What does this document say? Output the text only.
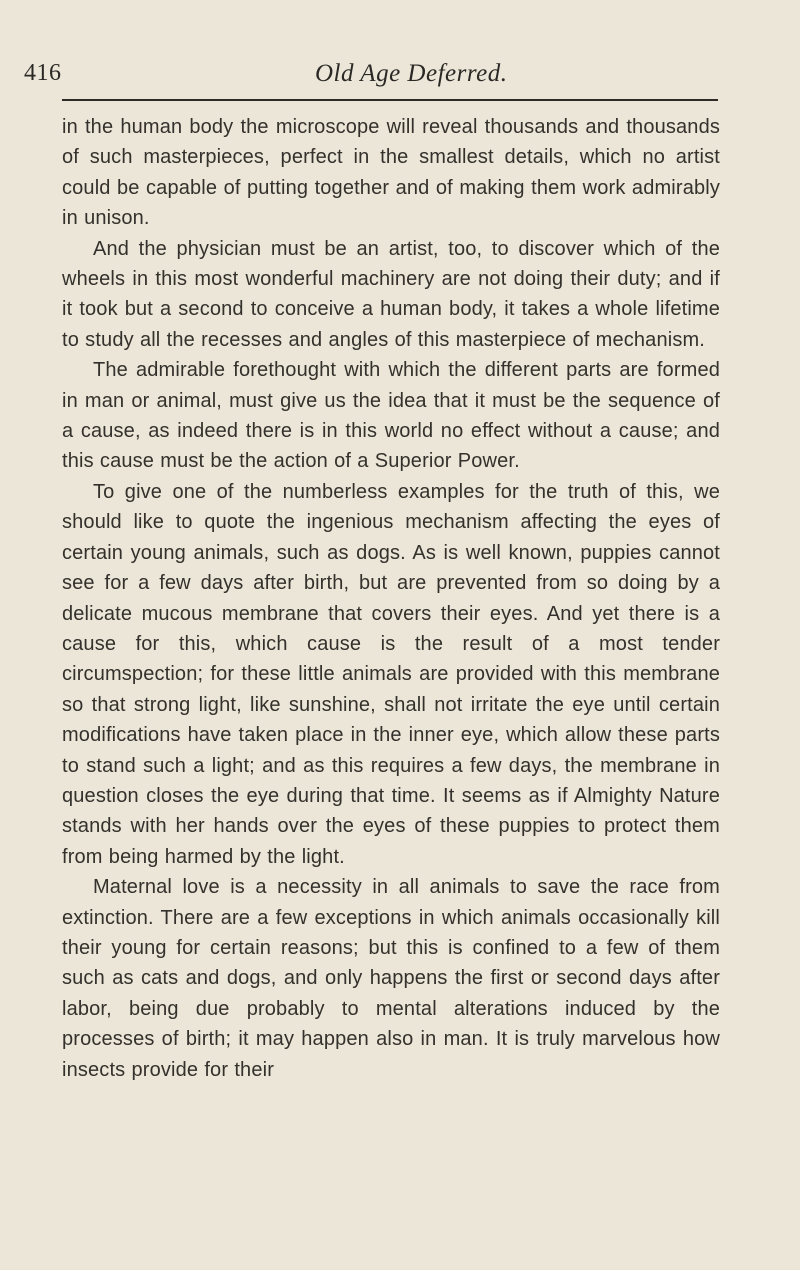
416	Old Age Deferred.

in the human body the microscope will reveal thousands and thousands of such masterpieces, perfect in the smallest details, which no artist could be capable of putting together and of making them work admirably in unison.

And the physician must be an artist, too, to discover which of the wheels in this most wonderful machinery are not doing their duty; and if it took but a second to conceive a human body, it takes a whole lifetime to study all the recesses and angles of this masterpiece of mechanism.

The admirable forethought with which the different parts are formed in man or animal, must give us the idea that it must be the sequence of a cause, as indeed there is in this world no effect without a cause; and this cause must be the action of a Superior Power.

To give one of the numberless examples for the truth of this, we should like to quote the ingenious mechanism affecting the eyes of certain young animals, such as dogs. As is well known, puppies cannot see for a few days after birth, but are prevented from so doing by a delicate mucous membrane that covers their eyes. And yet there is a cause for this, which cause is the result of a most tender circumspection; for these little animals are provided with this membrane so that strong light, like sunshine, shall not irritate the eye until certain modifications have taken place in the inner eye, which allow these parts to stand such a light; and as this requires a few days, the membrane in question closes the eye during that time. It seems as if Almighty Nature stands with her hands over the eyes of these puppies to protect them from being harmed by the light.

Maternal love is a necessity in all animals to save the race from extinction. There are a few exceptions in which animals occasionally kill their young for certain reasons; but this is confined to a few of them such as cats and dogs, and only happens the first or second days after labor, being due probably to mental alterations induced by the processes of birth; it may happen also in man. It is truly marvelous how insects provide for their
